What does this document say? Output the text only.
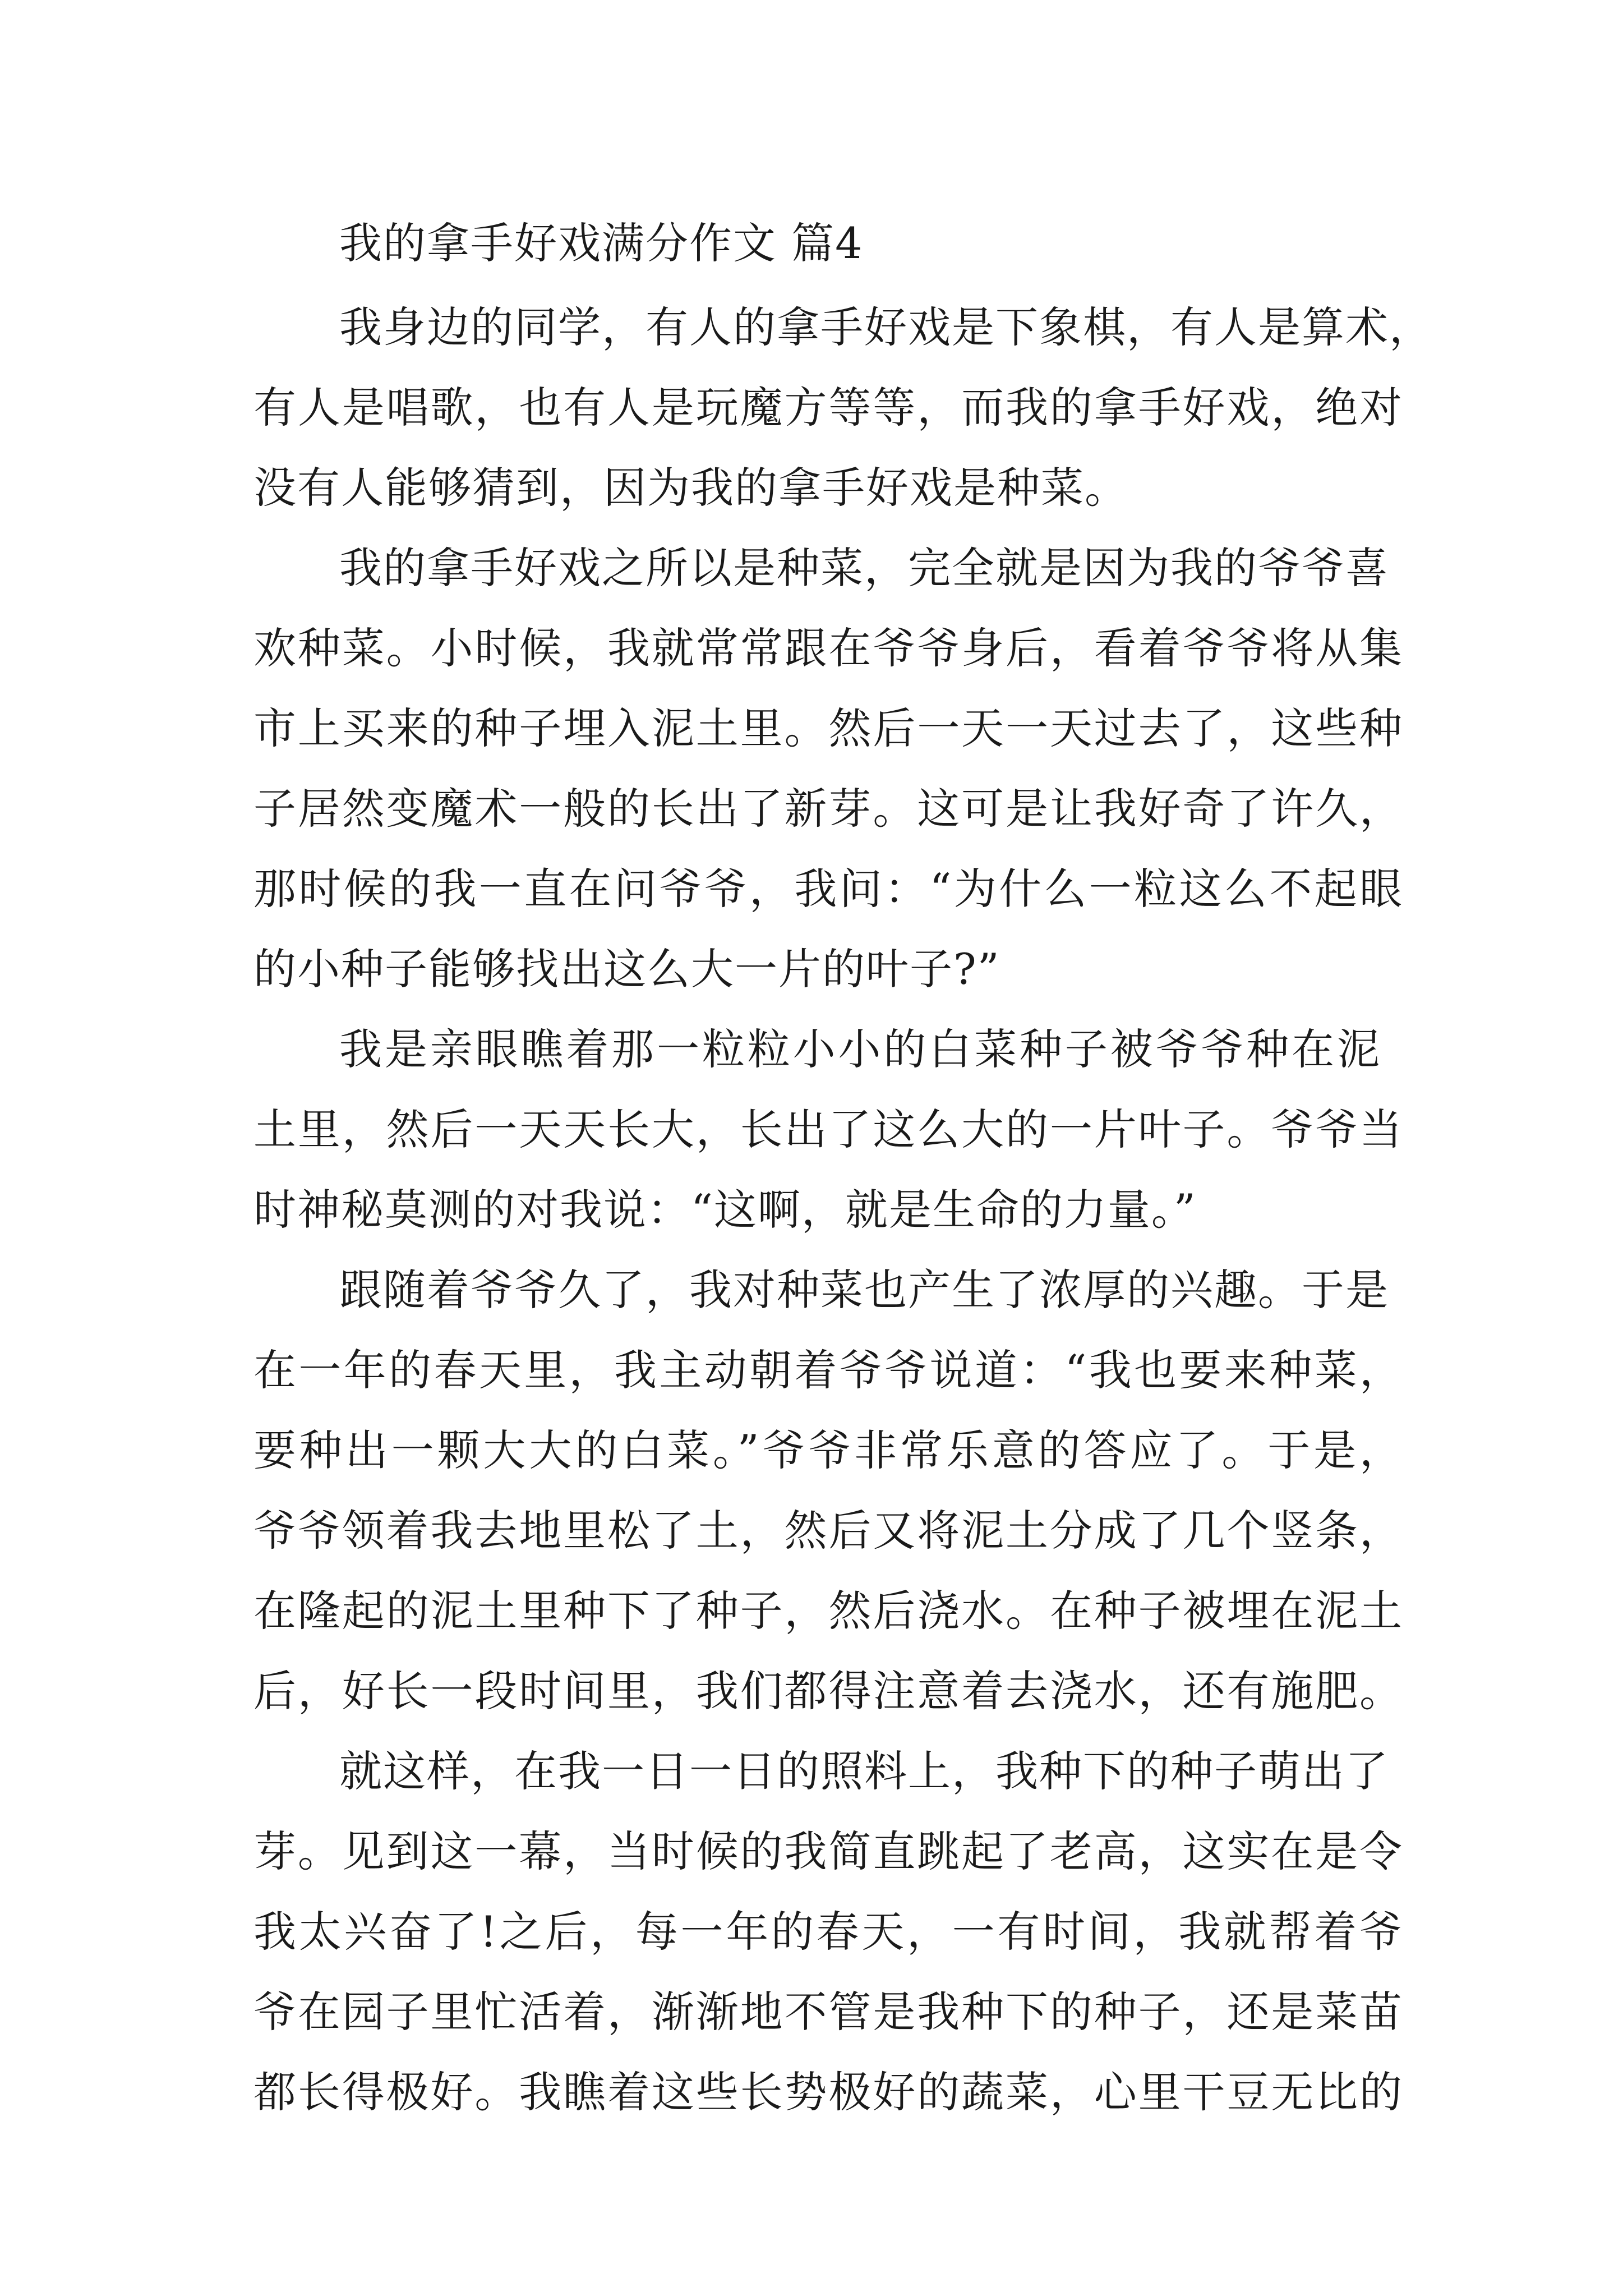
我的拿手好戏满分作文 篇4
我身边的同学，有人的拿手好戏是下象棋，有人是算术，
有人是唱歌，也有人是玩魔方等等，而我的拿手好戏，绝对
没有人能够猜到，因为我的拿手好戏是种菜。
我的拿手好戏之所以是种菜，完全就是因为我的爷爷喜
欢种菜。小时候，我就常常跟在爷爷身后，看着爷爷将从集
市上买来的种子埋入泥土里。然后一天一天过去了，这些种
子居然变魔术一般的长出了新芽。这可是让我好奇了许久，
那时候的我一直在问爷爷，我问：“为什么一粒这么不起眼
的小种子能够找出这么大一片的叶子?”
我是亲眼瞧着那一粒粒小小的白菜种子被爷爷种在泥
土里，然后一天天长大，长出了这么大的一片叶子。爷爷当
时神秘莫测的对我说：“这啊，就是生命的力量。”
跟随着爷爷久了，我对种菜也产生了浓厚的兴趣。于是
在一年的春天里，我主动朝着爷爷说道：“我也要来种菜，
要种出一颗大大的白菜。”爷爷非常乐意的答应了。于是，
爷爷领着我去地里松了土，然后又将泥土分成了几个竖条，
在隆起的泥土里种下了种子，然后浇水。在种子被埋在泥土
后，好长一段时间里，我们都得注意着去浇水，还有施肥。
就这样，在我一日一日的照料上，我种下的种子萌出了
芽。见到这一幕，当时候的我简直跳起了老高，这实在是令
我太兴奋了!之后，每一年的春天，一有时间，我就帮着爷
爷在园子里忙活着，渐渐地不管是我种下的种子，还是菜苗
都长得极好。我瞧着这些长势极好的蔬菜，心里干豆无比的
